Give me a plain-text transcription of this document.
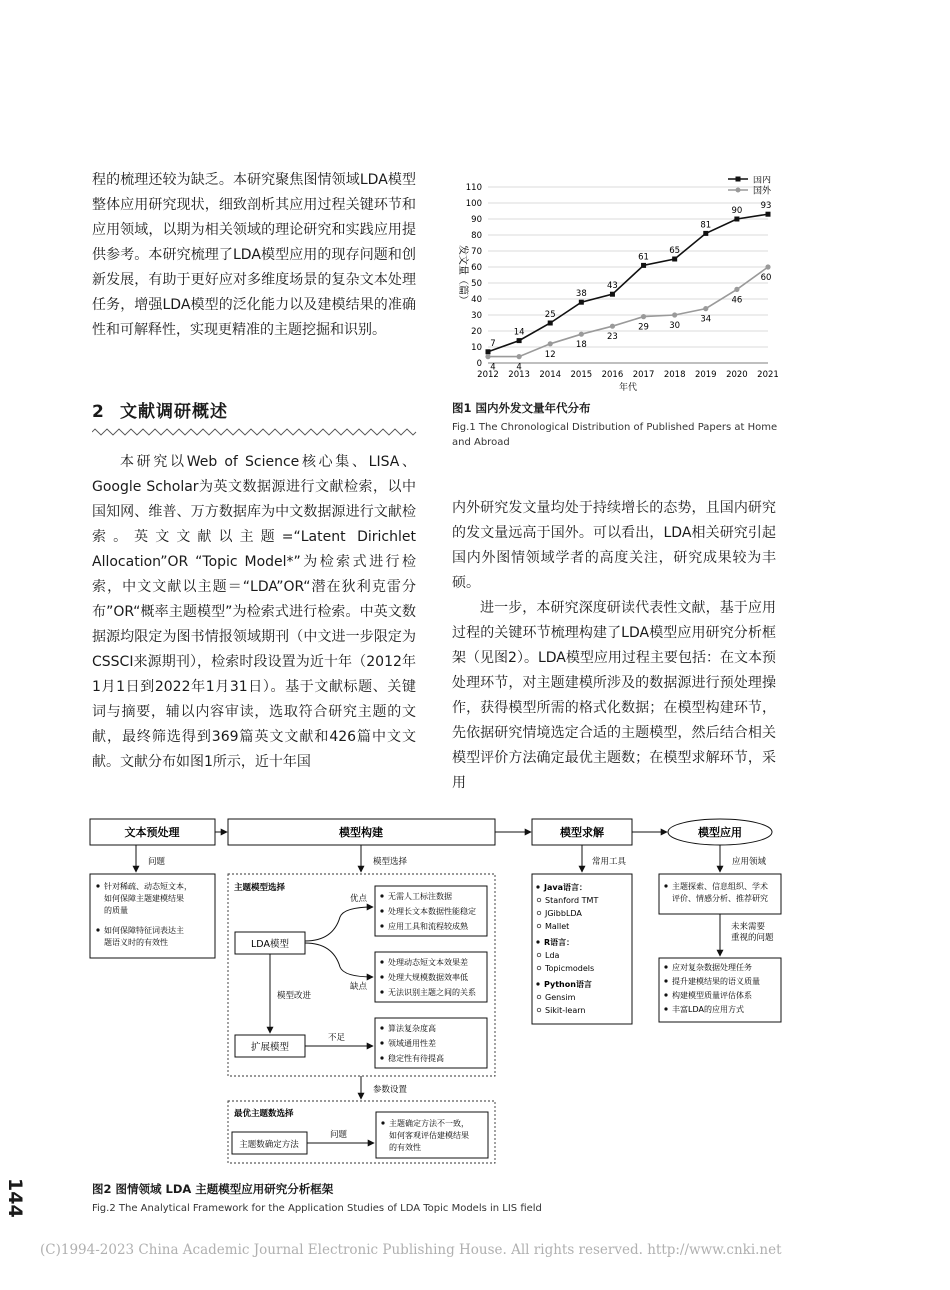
程的梳理还较为缺乏。本研究聚焦图情领域LDA模型整体应用研究现状，细致剖析其应用过程关键环节和应用领域，以期为相关领域的理论研究和实践应用提供参考。本研究梳理了LDA模型应用的现存问题和创新发展，有助于更好应对多维度场景的复杂文本处理任务，增强LDA模型的泛化能力以及建模结果的准确性和可解释性，实现更精准的主题挖掘和识别。

2 文献调研概述

本研究以Web of Science核心集、LISA、Google Scholar为英文数据源进行文献检索，以中国知网、维普、万方数据库为中文数据源进行文献检索。英文文献以主题=“Latent Dirichlet Allocation”OR “Topic Model*”为检索式进行检索，中文文献以主题＝“LDA”OR“潜在狄利克雷分布”OR“概率主题模型”为检索式进行检索。中英文数据源均限定为图书情报领域期刊（中文进一步限定为CSSCI来源期刊），检索时段设置为近十年（2012年1月1日到2022年1月31日）。基于文献标题、关键词与摘要，辅以内容审读，选取符合研究主题的文献，最终筛选得到369篇英文文献和426篇中文文献。文献分布如图1所示，近十年国

内外研究发文量均处于持续增长的态势，且国内研究的发文量远高于国外。可以看出，LDA相关研究引起国内外图情领域学者的高度关注，研究成果较为丰硕。

进一步，本研究深度研读代表性文献，基于应用过程的关键环节梳理构建了LDA模型应用研究分析框架（见图2）。LDA模型应用过程主要包括：在文本预处理环节，对主题建模所涉及的数据源进行预处理操作，获得模型所需的格式化数据；在模型构建环节，先依据研究情境选定合适的主题模型，然后结合相关模型评价方法确定最优主题数；在模型求解环节，采用

0
10
20
30
40
50
60
70
80
90
100
110
2012 2013 2014 2015 2016 2017 2018 2019 2020 2021
年代
发文量（篇）
7
14
25
38
43
61
65
81
90 93
4 4
12
18
23
29 30
34
46
60
国内
国外
图1 国内外发文量年代分布
Fig.1 The Chronological Distribution of Published Papers at Home and Abroad
文本预处理	模型构建	模型求解	模型应用
问题	模型选择	常用工具	应用领域
针对稀疏、动态短文本，
如何保障主题建模结果
的质量
如何保障特征词表达主
题语义时的有效性
主题模型选择
LDA模型
优点
缺点
无需人工标注数据
处理长文本数据性能稳定
应用工具和流程较成熟
处理动态短文本效果差
处理大规模数据效率低
无法识别主题之间的关系
模型改进
扩展模型
不足
算法复杂度高
领域通用性差
稳定性有待提高
参数设置
最优主题数选择
主题数确定方法
问题
主题确定方法不一致，
如何客观评估建模结果
的有效性
Java语言：
Stanford TMT
JGibbLDA
Mallet
R语言：
Lda
Topicmodels
Python语言
Gensim
Sikit-learn
主题探索、信息组织、学术
评价、情感分析、推荐研究
未来需要
重视的问题
应对复杂数据处理任务
提升建模结果的语义质量
构建模型质量评估体系
丰富LDA的应用方式
图2 图情领域 LDA 主题模型应用研究分析框架
Fig.2 The Analytical Framework for the Application Studies of LDA Topic Models in LIS field
144
(C)1994-2023 China Academic Journal Electronic Publishing House. All rights reserved. http://www.cnki.net
